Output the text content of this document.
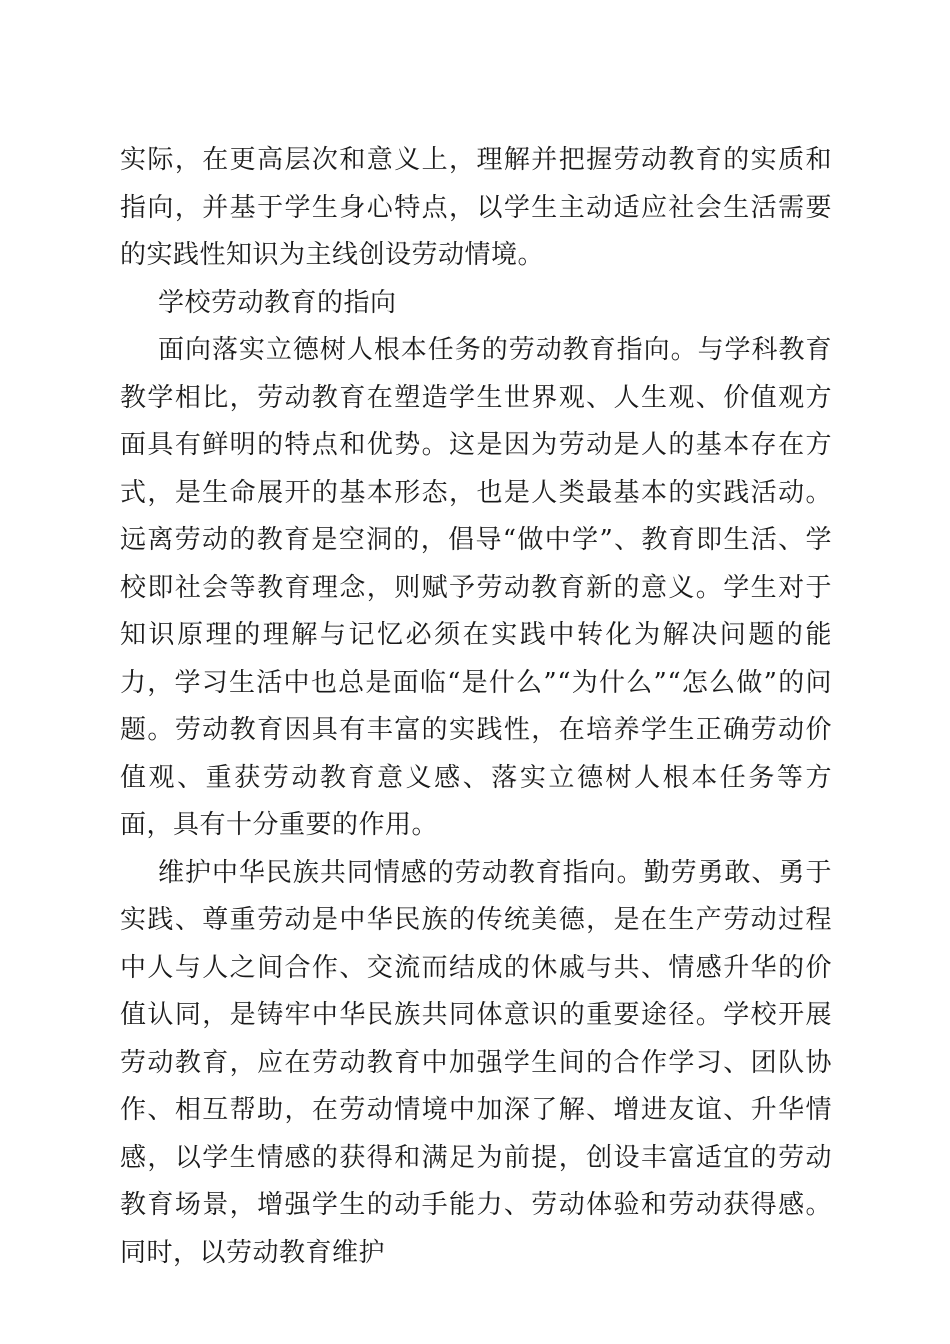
实际，在更高层次和意义上，理解并把握劳动教育的实质和指向，并基于学生身心特点，以学生主动适应社会生活需要的实践性知识为主线创设劳动情境。

学校劳动教育的指向

面向落实立德树人根本任务的劳动教育指向。与学科教育教学相比，劳动教育在塑造学生世界观、人生观、价值观方面具有鲜明的特点和优势。这是因为劳动是人的基本存在方式，是生命展开的基本形态，也是人类最基本的实践活动。远离劳动的教育是空洞的，倡导“做中学”、教育即生活、学校即社会等教育理念，则赋予劳动教育新的意义。学生对于知识原理的理解与记忆必须在实践中转化为解决问题的能力，学习生活中也总是面临“是什么”“为什么”“怎么做”的问题。劳动教育因具有丰富的实践性，在培养学生正确劳动价值观、重获劳动教育意义感、落实立德树人根本任务等方面，具有十分重要的作用。

维护中华民族共同情感的劳动教育指向。勤劳勇敢、勇于实践、尊重劳动是中华民族的传统美德，是在生产劳动过程中人与人之间合作、交流而结成的休戚与共、情感升华的价值认同，是铸牢中华民族共同体意识的重要途径。学校开展劳动教育，应在劳动教育中加强学生间的合作学习、团队协作、相互帮助，在劳动情境中加深了解、增进友谊、升华情感，以学生情感的获得和满足为前提，创设丰富适宜的劳动教育场景，增强学生的动手能力、劳动体验和劳动获得感。同时，以劳动教育维护
